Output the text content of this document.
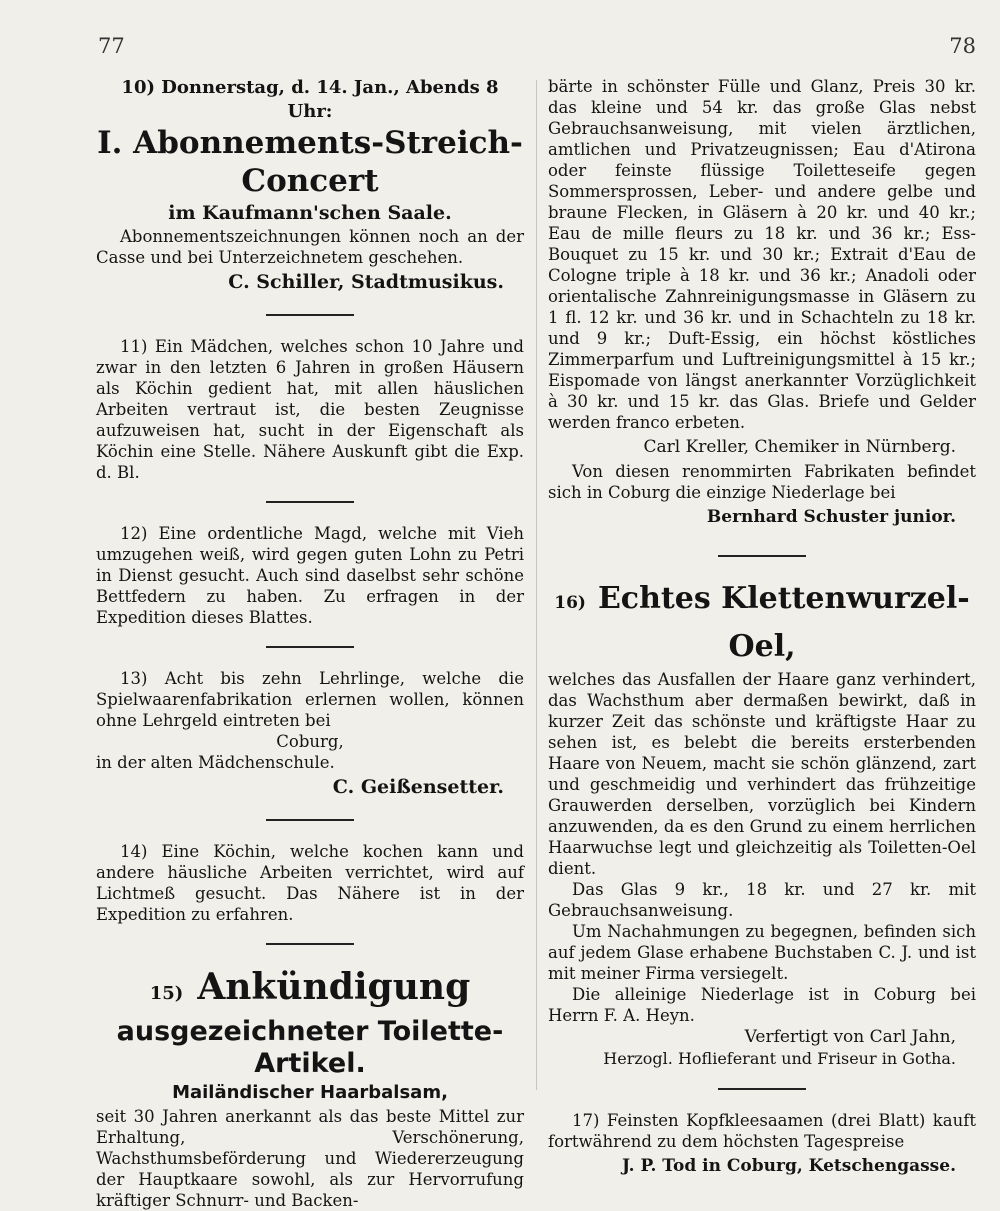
77	78

10) Donnerstag, d. 14. Jan., Abends 8 Uhr:

I. Abonnements-Streich-Concert

im Kaufmann'schen Saale.

Abonnementszeichnungen können noch an der Casse und bei Unterzeichnetem geschehen.

C. Schiller, Stadtmusikus.

11) Ein Mädchen, welches schon 10 Jahre und zwar in den letzten 6 Jahren in großen Häusern als Köchin gedient hat, mit allen häuslichen Arbeiten vertraut ist, die besten Zeugnisse aufzuweisen hat, sucht in der Eigenschaft als Köchin eine Stelle. Nähere Auskunft gibt die Exp. d. Bl.

12) Eine ordentliche Magd, welche mit Vieh umzugehen weiß, wird gegen guten Lohn zu Petri in Dienst gesucht. Auch sind daselbst sehr schöne Bettfedern zu haben. Zu erfragen in der Expedition dieses Blattes.

13) Acht bis zehn Lehrlinge, welche die Spielwaarenfabrikation erlernen wollen, können ohne Lehrgeld eintreten bei

Coburg,

in der alten Mädchenschule.

C. Geißensetter.

14) Eine Köchin, welche kochen kann und andere häusliche Arbeiten verrichtet, wird auf Lichtmeß gesucht. Das Nähere ist in der Expedition zu erfahren.

15) Ankündigung

ausgezeichneter Toilette-Artikel.

Mailändischer Haarbalsam,

seit 30 Jahren anerkannt als das beste Mittel zur Erhaltung, Verschönerung, Wachsthumsbeförderung und Wiedererzeugung der Hauptkaare sowohl, als zur Hervorrufung kräftiger Schnurr- und Backen-

bärte in schönster Fülle und Glanz, Preis 30 kr. das kleine und 54 kr. das große Glas nebst Gebrauchsanweisung, mit vielen ärztlichen, amtlichen und Privatzeugnissen; Eau d'Atirona oder feinste flüssige Toiletteseife gegen Sommersprossen, Leber- und andere gelbe und braune Flecken, in Gläsern à 20 kr. und 40 kr.; Eau de mille fleurs zu 18 kr. und 36 kr.; Ess-Bouquet zu 15 kr. und 30 kr.; Extrait d'Eau de Cologne triple à 18 kr. und 36 kr.; Anadoli oder orientalische Zahnreinigungsmasse in Gläsern zu 1 fl. 12 kr. und 36 kr. und in Schachteln zu 18 kr. und 9 kr.; Duft-Essig, ein höchst köstliches Zimmerparfum und Luftreinigungsmittel à 15 kr.; Eispomade von längst anerkannter Vorzüglichkeit à 30 kr. und 15 kr. das Glas. Briefe und Gelder werden franco erbeten.

Carl Kreller, Chemiker in Nürnberg.

Von diesen renommirten Fabrikaten befindet sich in Coburg die einzige Niederlage bei

Bernhard Schuster junior.

16) Echtes Klettenwurzel-Oel,

welches das Ausfallen der Haare ganz verhindert, das Wachsthum aber dermaßen bewirkt, daß in kurzer Zeit das schönste und kräftigste Haar zu sehen ist, es belebt die bereits ersterbenden Haare von Neuem, macht sie schön glänzend, zart und geschmeidig und verhindert das frühzeitige Grauwerden derselben, vorzüglich bei Kindern anzuwenden, da es den Grund zu einem herrlichen Haarwuchse legt und gleichzeitig als Toiletten-Oel dient.

Das Glas 9 kr., 18 kr. und 27 kr. mit Gebrauchsanweisung.

Um Nachahmungen zu begegnen, befinden sich auf jedem Glase erhabene Buchstaben C. J. und ist mit meiner Firma versiegelt.

Die alleinige Niederlage ist in Coburg bei Herrn F. A. Heyn.

Verfertigt von Carl Jahn,

Herzogl. Hoflieferant und Friseur in Gotha.

17) Feinsten Kopfkleesaamen (drei Blatt) kauft fortwährend zu dem höchsten Tagespreise

J. P. Tod in Coburg, Ketschengasse.
